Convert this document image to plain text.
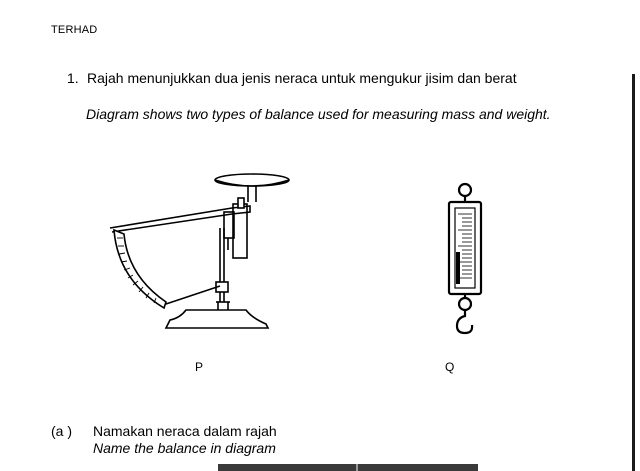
TERHAD
1. Rajah menunjukkan dua jenis neraca untuk mengukur jisim dan berat
Diagram shows two types of balance used for measuring mass and weight.
P	Q
(a ) Namakan neraca dalam rajah
Name the balance in diagram
